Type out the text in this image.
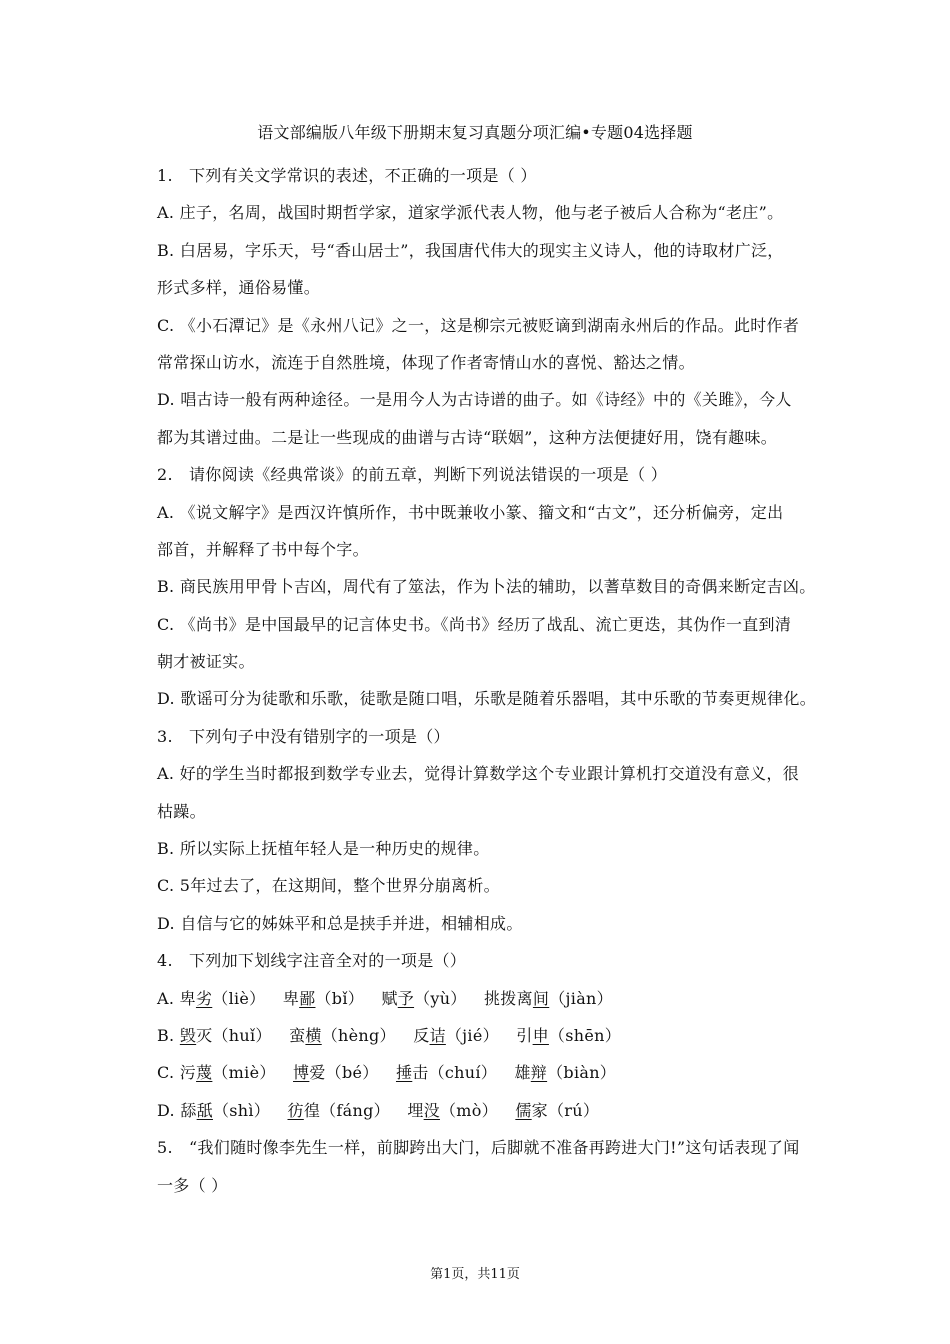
语文部编版八年级下册期末复习真题分项汇编•专题04选择题
1. 下列有关文学常识的表述，不正确的一项是（ ）
A. 庄子，名周，战国时期哲学家，道家学派代表人物，他与老子被后人合称为“老庄”。
B. 白居易，字乐天，号“香山居士”，我国唐代伟大的现实主义诗人，他的诗取材广泛，
形式多样，通俗易懂。
C. 《小石潭记》是《永州八记》之一，这是柳宗元被贬谪到湖南永州后的作品。此时作者
常常探山访水，流连于自然胜境，体现了作者寄情山水的喜悦、豁达之情。
D. 唱古诗一般有两种途径。一是用今人为古诗谱的曲子。如《诗经》中的《关雎》，今人
都为其谱过曲。二是让一些现成的曲谱与古诗“联姻”，这种方法便捷好用，饶有趣味。
2. 请你阅读《经典常谈》的前五章，判断下列说法错误的一项是（ ）
A. 《说文解字》是西汉许慎所作，书中既兼收小篆、籀文和“古文”，还分析偏旁，定出
部首，并解释了书中每个字。
B. 商民族用甲骨卜吉凶，周代有了筮法，作为卜法的辅助，以蓍草数目的奇偶来断定吉凶。
C. 《尚书》是中国最早的记言体史书。《尚书》经历了战乱、流亡更迭，其伪作一直到清
朝才被证实。
D. 歌谣可分为徒歌和乐歌，徒歌是随口唱，乐歌是随着乐器唱，其中乐歌的节奏更规律化。
3. 下列句子中没有错别字的一项是（）
A. 好的学生当时都报到数学专业去，觉得计算数学这个专业跟计算机打交道没有意义，很
枯躁。
B. 所以实际上抚植年轻人是一种历史的规律。
C. 5年过去了，在这期间，整个世界分崩离析。
D. 自信与它的姊妹平和总是挟手并进，相辅相成。
4. 下列加下划线字注音全对的一项是（）
A. 卑劣（liè） 卑鄙（bǐ） 赋予（yù） 挑拨离间（jiàn）
B. 毁灭（huǐ） 蛮横（hèng） 反诘（jié） 引申（shēn）
C. 污蔑（miè） 博爱（bé） 捶击（chuí） 雄辩（biàn）
D. 舔舐（shì） 彷徨（fáng） 埋没（mò） 儒家（rú）
5. “我们随时像李先生一样，前脚跨出大门，后脚就不准备再跨进大门!”这句话表现了闻
一多（ ）
第1页，共11页
